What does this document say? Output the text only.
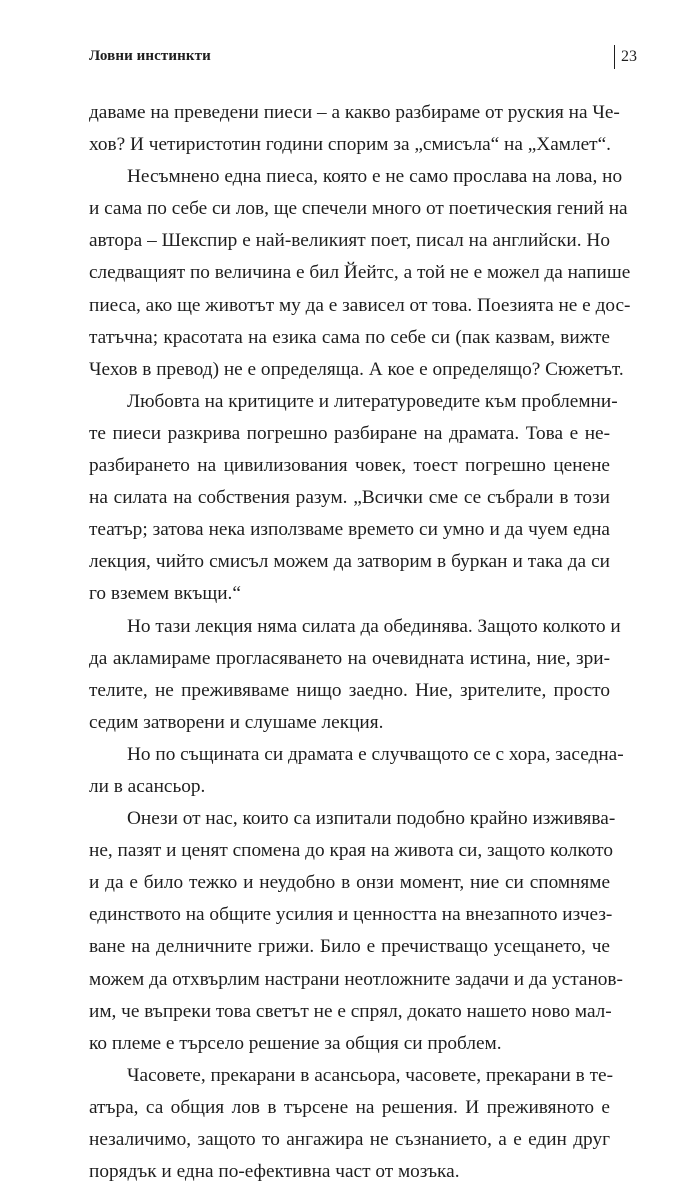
Ловни инстинкти	23
даваме на преведени пиеси – а какво разбираме от руския на Че-
хов? И четиристотин години спорим за „смисъла“ на „Хамлет“.
Несъмнено една пиеса, която е не само прослава на лова, но
и сама по себе си лов, ще спечели много от поетическия гений на
автора – Шекспир е най-великият поет, писал на английски. Но
следващият по величина е бил Йейтс, а той не е можел да напише
пиеса, ако ще животът му да е зависел от това. Поезията не е дос-
татъчна; красотата на езика сама по себе си (пак казвам, вижте
Чехов в превод) не е определяща. А кое е определящо? Сюжетът.
Любовта на критиците и литературоведите към проблемни-
те пиеси разкрива погрешно разбиране на драмата. Това е не-
разбирането на цивилизования човек, тоест погрешно ценене
на силата на собствения разум. „Всички сме се събрали в този
театър; затова нека използваме времето си умно и да чуем една
лекция, чийто смисъл можем да затворим в буркан и така да си
го вземем вкъщи.“
Но тази лекция няма силата да обединява. Защото колкото и
да акламираме прогласяването на очевидната истина, ние, зри-
телите, не преживяваме нищо заедно. Ние, зрителите, просто
седим затворени и слушаме лекция.
Но по същината си драмата е случващото се с хора, заседна-
ли в асансьор.
Онези от нас, които са изпитали подобно крайно изживява-
не, пазят и ценят спомена до края на живота си, защото колкото
и да е било тежко и неудобно в онзи момент, ние си спомняме
единството на общите усилия и ценността на внезапното изчез-
ване на делничните грижи. Било е пречистващо усещането, че
можем да отхвърлим настрани неотложните задачи и да установ-
им, че въпреки това светът не е спрял, докато нашето ново мал-
ко племе е търсело решение за общия си проблем.
Часовете, прекарани в асансьора, часовете, прекарани в те-
атъра, са общия лов в търсене на решения. И преживяното е
незаличимо, защото то ангажира не съзнанието, а е един друг
порядък и една по-ефективна част от мозъка.
